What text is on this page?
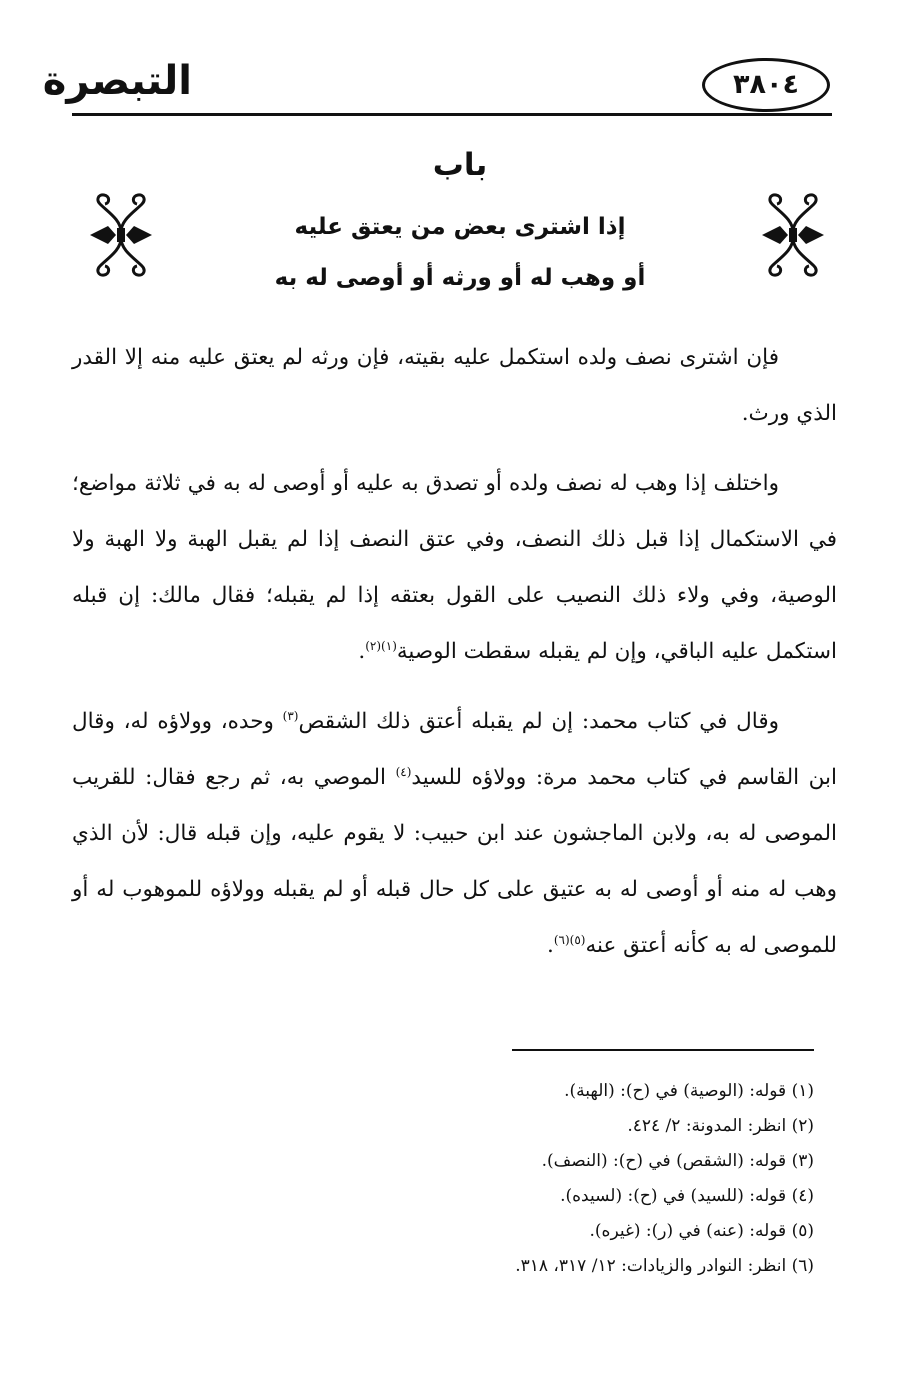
التبصرة	٣٨٠٤
باب
إذا اشترى بعض من يعتق عليه
أو وهب له أو ورثه أو أوصى له به

فإن اشترى نصف ولده استكمل عليه بقيته، فإن ورثه لم يعتق عليه منه إلا القدر الذي ورث.

واختلف إذا وهب له نصف ولده أو تصدق به عليه أو أوصى له به في ثلاثة مواضع؛ في الاستكمال إذا قبل ذلك النصف، وفي عتق النصف إذا لم يقبل الهبة ولا الهبة ولا الوصية، وفي ولاء ذلك النصيب على القول بعتقه إذا لم يقبله؛ فقال مالك: إن قبله استكمل عليه الباقي، وإن لم يقبله سقطت الوصية$^{(١)(٢)}$.

وقال في كتاب محمد: إن لم يقبله أعتق ذلك الشقص$^{(٣)}$ وحده، وولاؤه له، وقال ابن القاسم في كتاب محمد مرة: وولاؤه للسيد$^{(٤)}$ الموصي به، ثم رجع فقال: للقريب الموصى له به، ولابن الماجشون عند ابن حبيب: لا يقوم عليه، وإن قبله قال: لأن الذي وهب له منه أو أوصى له به عتيق على كل حال قبله أو لم يقبله وولاؤه للموهوب له أو للموصى له به كأنه أعتق عنه$^{(٥)(٦)}$.

(١) قوله: (الوصية) في (ح): (الهبة).

(٢) انظر: المدونة: ٢/ ٤٢٤.

(٣) قوله: (الشقص) في (ح): (النصف).

(٤) قوله: (للسيد) في (ح): (لسيده).

(٥) قوله: (عنه) في (ر): (غيره).

(٦) انظر: النوادر والزيادات: ١٢/ ٣١٧، ٣١٨.
